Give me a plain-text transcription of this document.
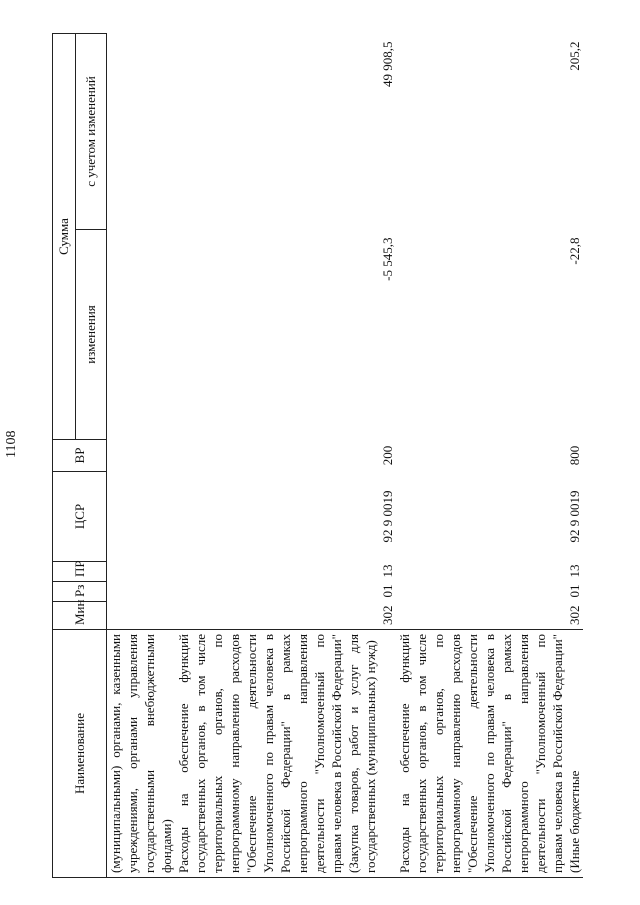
1108
Наименование	Мин	Рз	ПР	ЦСР	ВР	Сумма	
						изменения	с учетом изменений
(муниципальными) органами, казенными учреждениями, органами управления государственными внебюджетными фондами)							
Расходы на обеспечение функций государственных органов, в том числе территориальных органов, по непрограммному направлению расходов "Обеспечение деятельности Уполномоченного по правам человека в Российской Федерации" в рамках непрограммного направления деятельности "Уполномоченный по правам человека в Российской Федерации" (Закупка товаров, работ и услуг для государственных (муниципальных) нужд)	302	01	13	92 9 0019	200	-5 545,3	49 908,5
Расходы на обеспечение функций государственных органов, в том числе территориальных органов, по непрограммному направлению расходов "Обеспечение деятельности Уполномоченного по правам человека в Российской Федерации" в рамках непрограммного направления деятельности "Уполномоченный по правам человека в Российской Федерации" (Иные бюджетные	302	01	13	92 9 0019	800	-22,8	205,2
